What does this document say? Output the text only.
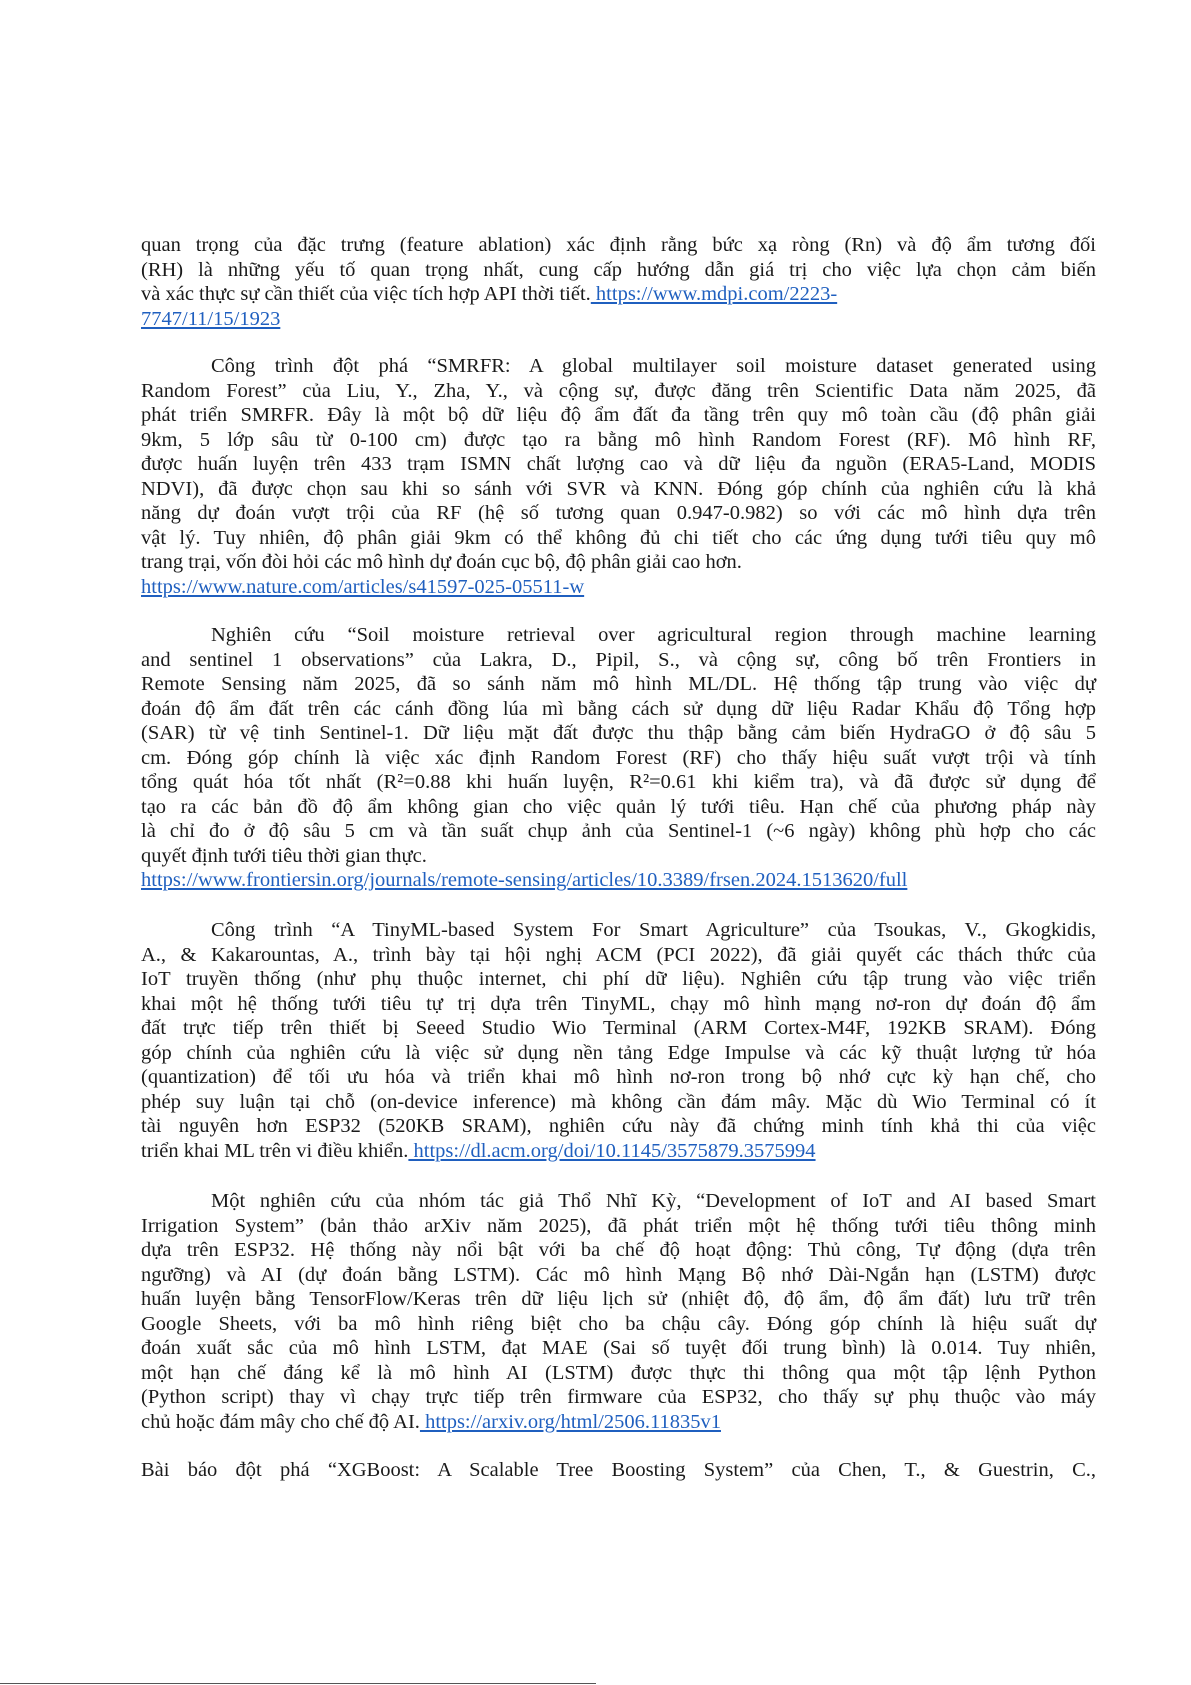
quan trọng của đặc trưng (feature ablation) xác định rằng bức xạ ròng (Rn) và độ ẩm tương đối
(RH) là những yếu tố quan trọng nhất, cung cấp hướng dẫn giá trị cho việc lựa chọn cảm biến
và xác thực sự cần thiết của việc tích hợp API thời tiết. https://www.mdpi.com/2223-
7747/11/15/1923
Công trình đột phá “SMRFR: A global multilayer soil moisture dataset generated using
Random Forest” của Liu, Y., Zha, Y., và cộng sự, được đăng trên Scientific Data năm 2025, đã
phát triển SMRFR. Đây là một bộ dữ liệu độ ẩm đất đa tầng trên quy mô toàn cầu (độ phân giải
9km, 5 lớp sâu từ 0-100 cm) được tạo ra bằng mô hình Random Forest (RF). Mô hình RF,
được huấn luyện trên 433 trạm ISMN chất lượng cao và dữ liệu đa nguồn (ERA5-Land, MODIS
NDVI), đã được chọn sau khi so sánh với SVR và KNN. Đóng góp chính của nghiên cứu là khả
năng dự đoán vượt trội của RF (hệ số tương quan 0.947-0.982) so với các mô hình dựa trên
vật lý. Tuy nhiên, độ phân giải 9km có thể không đủ chi tiết cho các ứng dụng tưới tiêu quy mô
trang trại, vốn đòi hỏi các mô hình dự đoán cục bộ, độ phân giải cao hơn.
https://www.nature.com/articles/s41597-025-05511-w
Nghiên cứu “Soil moisture retrieval over agricultural region through machine learning
and sentinel 1 observations” của Lakra, D., Pipil, S., và cộng sự, công bố trên Frontiers in
Remote Sensing năm 2025, đã so sánh năm mô hình ML/DL. Hệ thống tập trung vào việc dự
đoán độ ẩm đất trên các cánh đồng lúa mì bằng cách sử dụng dữ liệu Radar Khẩu độ Tổng hợp
(SAR) từ vệ tinh Sentinel-1. Dữ liệu mặt đất được thu thập bằng cảm biến HydraGO ở độ sâu 5
cm. Đóng góp chính là việc xác định Random Forest (RF) cho thấy hiệu suất vượt trội và tính
tổng quát hóa tốt nhất (R²=0.88 khi huấn luyện, R²=0.61 khi kiểm tra), và đã được sử dụng để
tạo ra các bản đồ độ ẩm không gian cho việc quản lý tưới tiêu. Hạn chế của phương pháp này
là chỉ đo ở độ sâu 5 cm và tần suất chụp ảnh của Sentinel-1 (~6 ngày) không phù hợp cho các
quyết định tưới tiêu thời gian thực.
https://www.frontiersin.org/journals/remote-sensing/articles/10.3389/frsen.2024.1513620/full
Công trình “A TinyML-based System For Smart Agriculture” của Tsoukas, V., Gkogkidis,
A., & Kakarountas, A., trình bày tại hội nghị ACM (PCI 2022), đã giải quyết các thách thức của
IoT truyền thống (như phụ thuộc internet, chi phí dữ liệu). Nghiên cứu tập trung vào việc triển
khai một hệ thống tưới tiêu tự trị dựa trên TinyML, chạy mô hình mạng nơ-ron dự đoán độ ẩm
đất trực tiếp trên thiết bị Seeed Studio Wio Terminal (ARM Cortex-M4F, 192KB SRAM). Đóng
góp chính của nghiên cứu là việc sử dụng nền tảng Edge Impulse và các kỹ thuật lượng tử hóa
(quantization) để tối ưu hóa và triển khai mô hình nơ-ron trong bộ nhớ cực kỳ hạn chế, cho
phép suy luận tại chỗ (on-device inference) mà không cần đám mây. Mặc dù Wio Terminal có ít
tài nguyên hơn ESP32 (520KB SRAM), nghiên cứu này đã chứng minh tính khả thi của việc
triển khai ML trên vi điều khiển. https://dl.acm.org/doi/10.1145/3575879.3575994
Một nghiên cứu của nhóm tác giả Thổ Nhĩ Kỳ, “Development of IoT and AI based Smart
Irrigation System” (bản thảo arXiv năm 2025), đã phát triển một hệ thống tưới tiêu thông minh
dựa trên ESP32. Hệ thống này nổi bật với ba chế độ hoạt động: Thủ công, Tự động (dựa trên
ngưỡng) và AI (dự đoán bằng LSTM). Các mô hình Mạng Bộ nhớ Dài-Ngắn hạn (LSTM) được
huấn luyện bằng TensorFlow/Keras trên dữ liệu lịch sử (nhiệt độ, độ ẩm, độ ẩm đất) lưu trữ trên
Google Sheets, với ba mô hình riêng biệt cho ba chậu cây. Đóng góp chính là hiệu suất dự
đoán xuất sắc của mô hình LSTM, đạt MAE (Sai số tuyệt đối trung bình) là 0.014. Tuy nhiên,
một hạn chế đáng kể là mô hình AI (LSTM) được thực thi thông qua một tập lệnh Python
(Python script) thay vì chạy trực tiếp trên firmware của ESP32, cho thấy sự phụ thuộc vào máy
chủ hoặc đám mây cho chế độ AI. https://arxiv.org/html/2506.11835v1
Bài báo đột phá “XGBoost: A Scalable Tree Boosting System” của Chen, T., & Guestrin, C.,
